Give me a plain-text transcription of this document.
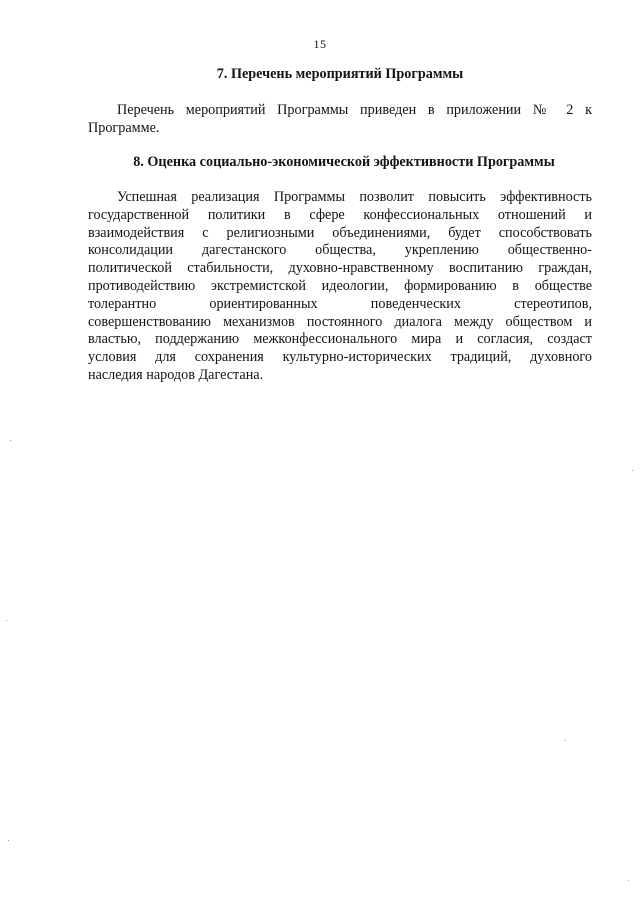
15
7. Перечень мероприятий Программы
Перечень мероприятий Программы приведен в приложении № 2 к
Программе.
8. Оценка социально-экономической эффективности Программы
Успешная реализация Программы позволит повысить эффективность
государственной политики в сфере конфессиональных отношений и
взаимодействия с религиозными объединениями, будет способствовать
консолидации дагестанского общества, укреплению общественно-
политической стабильности, духовно-нравственному воспитанию граждан,
противодействию экстремистской идеологии, формированию в обществе
толерантно ориентированных поведенческих стереотипов,
совершенствованию механизмов постоянного диалога между обществом и
властью, поддержанию межконфессионального мира и согласия, создаст
условия для сохранения культурно-исторических традиций, духовного
наследия народов Дагестана.
